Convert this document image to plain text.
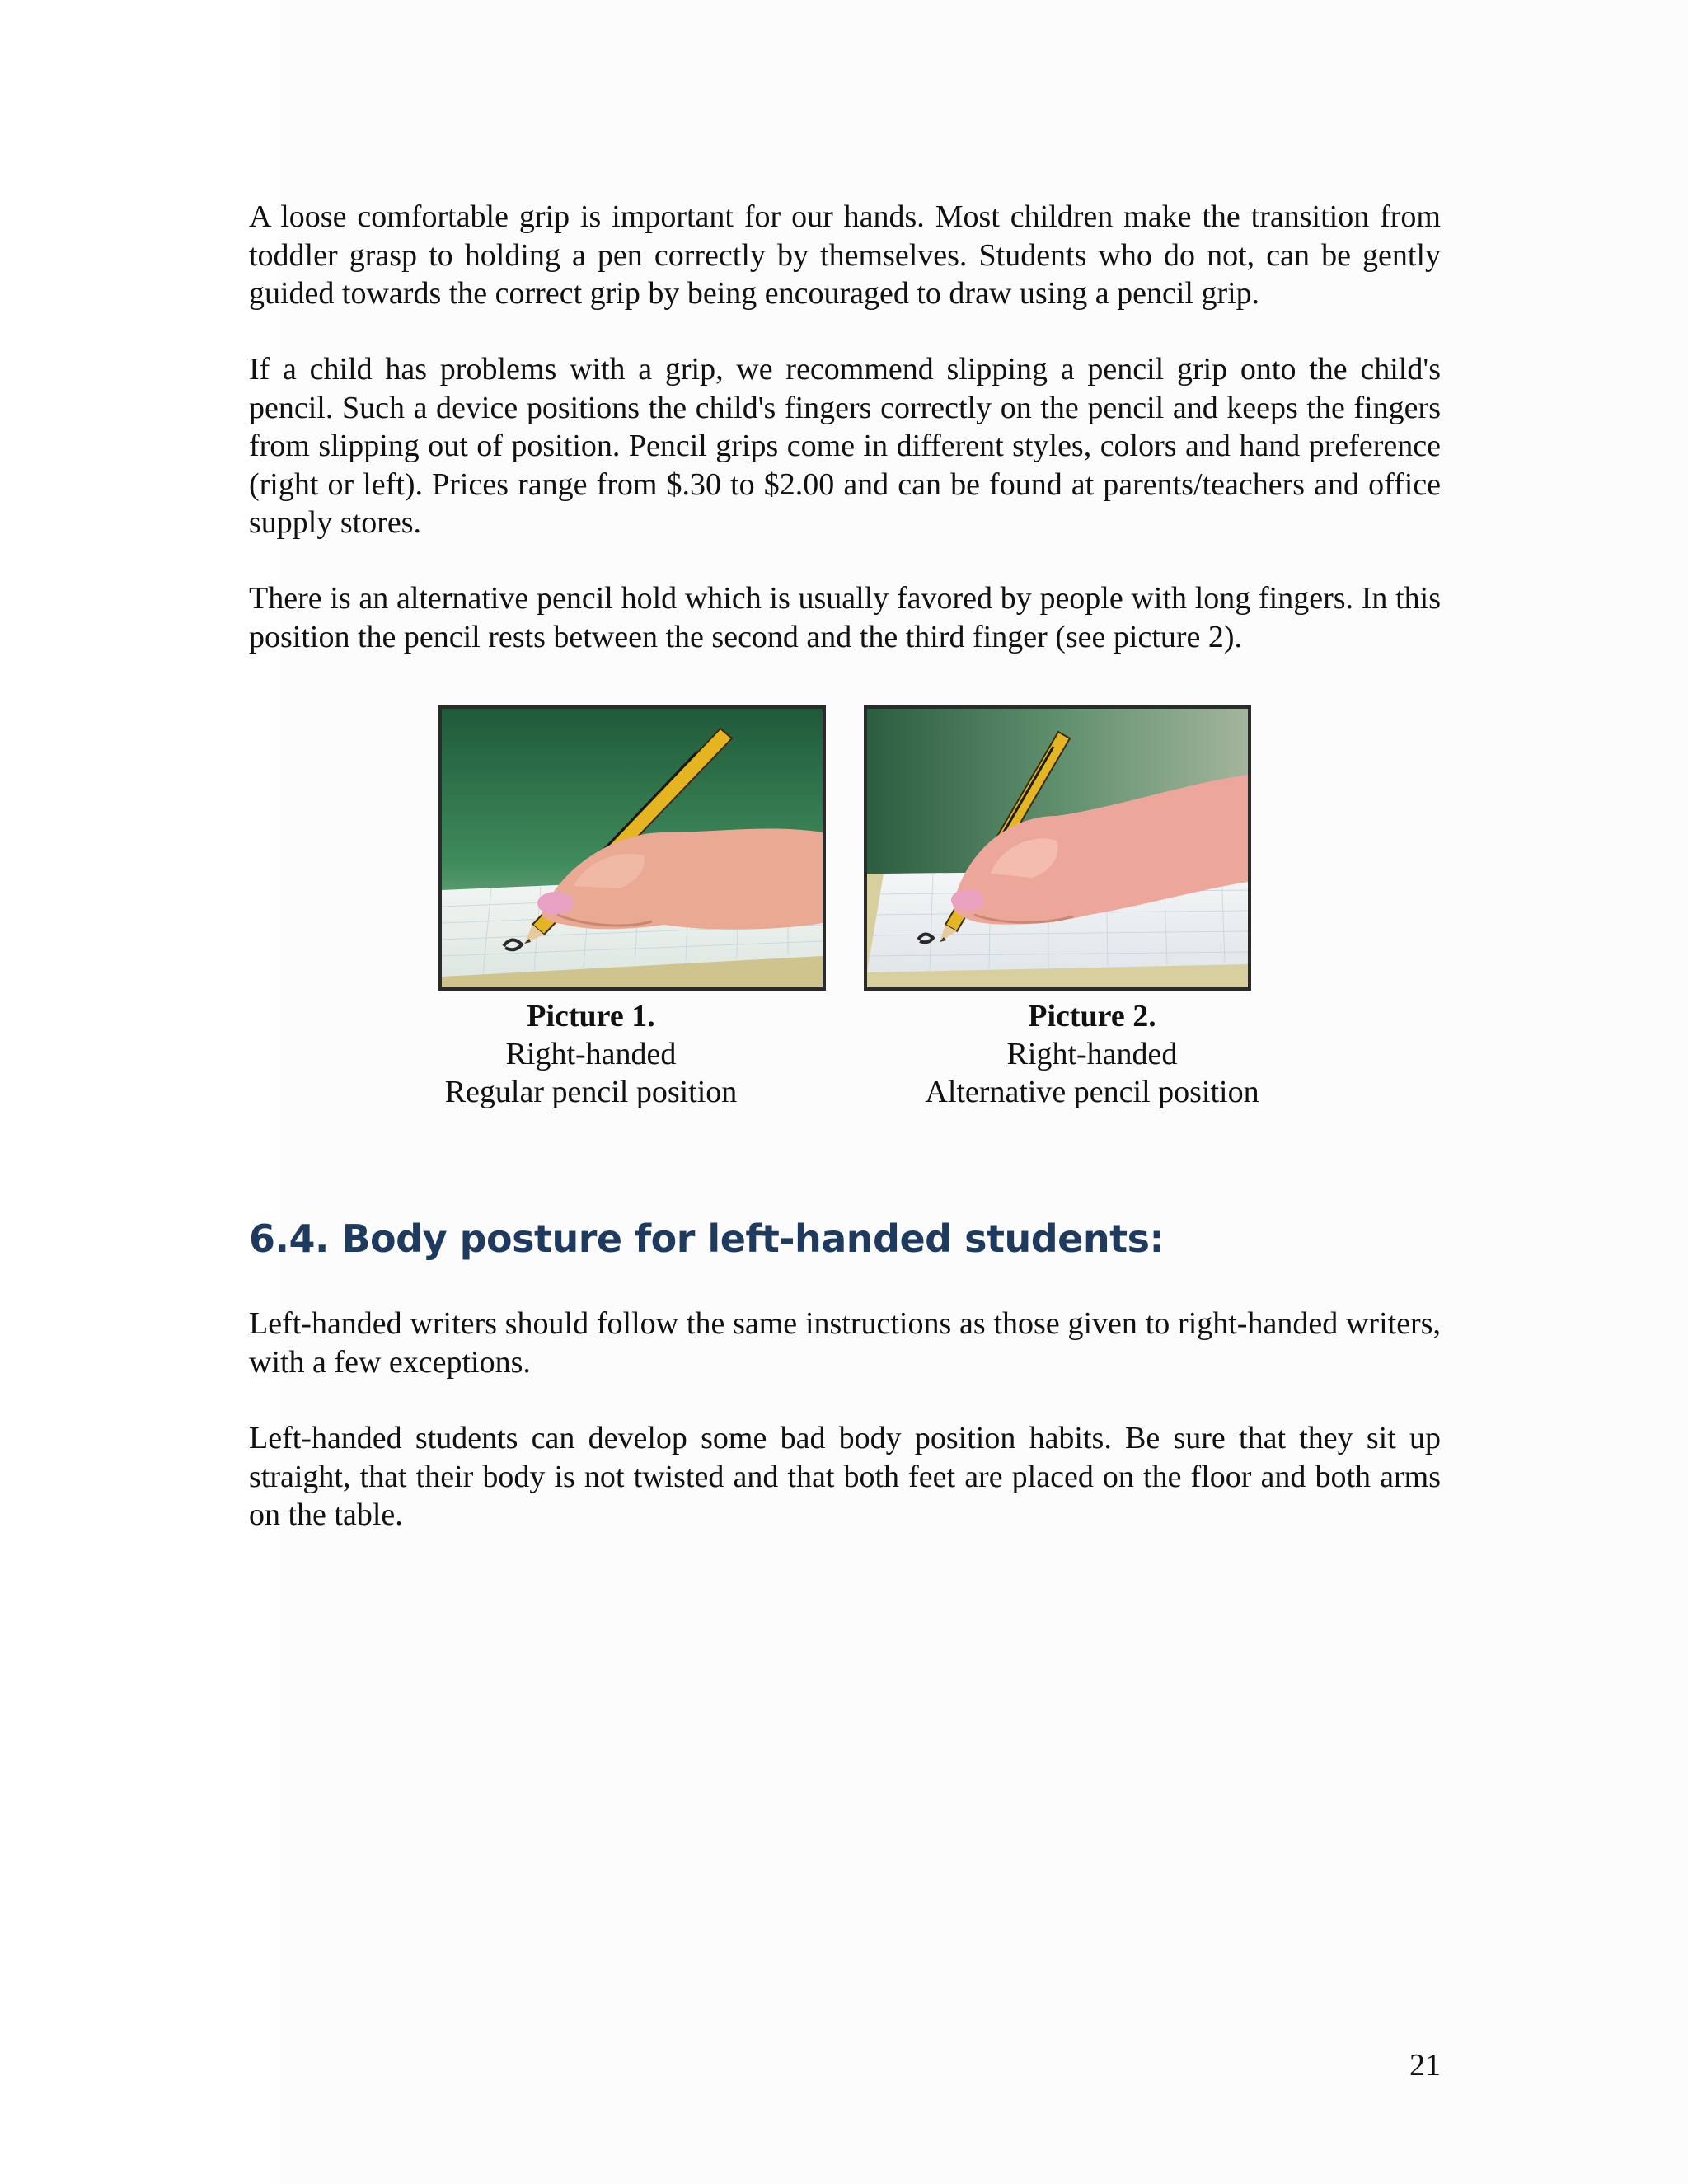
A loose comfortable grip is important for our hands. Most children make the transition from toddler grasp to holding a pen correctly by themselves. Students who do not, can be gently guided towards the correct grip by being encouraged to draw using a pencil grip.

If a child has problems with a grip, we recommend slipping a pencil grip onto the child's pencil. Such a device positions the child's fingers correctly on the pencil and keeps the fingers from slipping out of position. Pencil grips come in different styles, colors and hand preference (right or left). Prices range from $.30 to $2.00 and can be found at parents/teachers and office supply stores.

There is an alternative pencil hold which is usually favored by people with long fingers. In this position the pencil rests between the second and the third finger (see picture 2).

Picture 1.
Right-handed
Regular pencil position
Picture 2.
Right-handed
Alternative pencil position
6.4. Body posture for left-handed students:

Left-handed writers should follow the same instructions as those given to right-handed writers, with a few exceptions.

Left-handed students can develop some bad body position habits. Be sure that they sit up straight, that their body is not twisted and that both feet are placed on the floor and both arms on the table.

21
